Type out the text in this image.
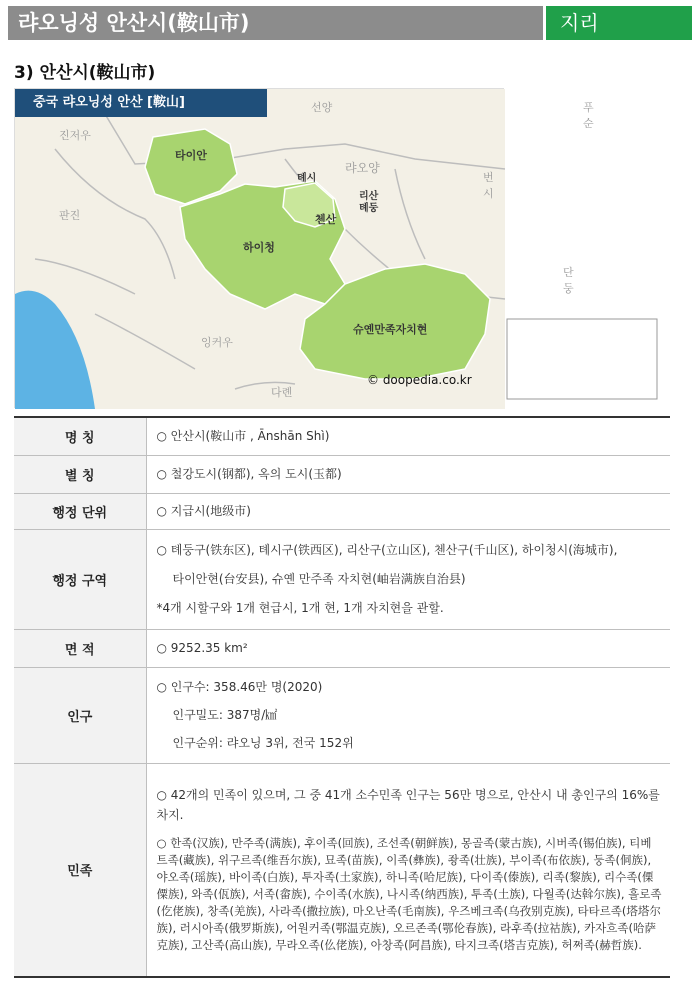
랴오닝성 안산시(鞍山市)	지리
3) 안산시(鞍山市)
중국 랴오닝성 안산 [鞍山]	선양
진저우
랴오양
푸순
판진
번시
단둥
잉커우
다롄
타이안
톄시
리산
톄둥
첸산
하이청
슈옌만족자치현
© doopedia.co.kr
명 칭	○ 안산시(鞍山市 , Ānshān Shì)

별 칭	○ 철강도시(钢都), 옥의 도시(玉都)

행정 단위	○ 지급시(地级市)

행정 구역	○ 톄둥구(铁东区), 톄시구(铁西区), 리산구(立山区), 첸산구(千山区), 하이청시(海城市),
타이안현(台安县), 슈옌 만주족 자치현(岫岩满族自治县)
*4개 시할구와 1개 현급시, 1개 현, 1개 자치현을 관할.

면 적	○ 9252.35 km²

인구	○ 인구수: 358.46만 명(2020)
인구밀도: 387명/㎢
인구순위: 랴오닝 3위, 전국 152위

민족	○ 42개의 민족이 있으며, 그 중 41개 소수민족 인구는 56만 명으로, 안산시 내 총인구의 16%를 차지.
○ 한족(汉族), 만주족(满族), 후이족(回族), 조선족(朝鲜族), 몽골족(蒙古族), 시버족(锡伯族), 티베트족(藏族), 위구르족(维吾尔族), 묘족(苗族), 이족(彝族), 좡족(壮族), 부이족(布依族), 둥족(侗族), 야오족(瑶族), 바이족(白族), 투자족(土家族), 하니족(哈尼族), 다이족(傣族), 리족(黎族), 리수족(傈僳族), 와족(佤族), 서족(畲族), 수이족(水族), 나시족(纳西族), 투족(土族), 다월족(达斡尔族), 흘로족(仡佬族), 창족(羌族), 사라족(撒拉族), 마오난족(毛南族), 우즈베크족(乌孜别克族), 타타르족(塔塔尔族), 러시아족(俄罗斯族), 어원커족(鄂温克族), 오르존족(鄂伦春族), 라후족(拉祜族), 카자흐족(哈萨克族), 고산족(高山族), 무라오족(仫佬族), 아창족(阿昌族), 타지크족(塔吉克族), 허쩌족(赫哲族).
